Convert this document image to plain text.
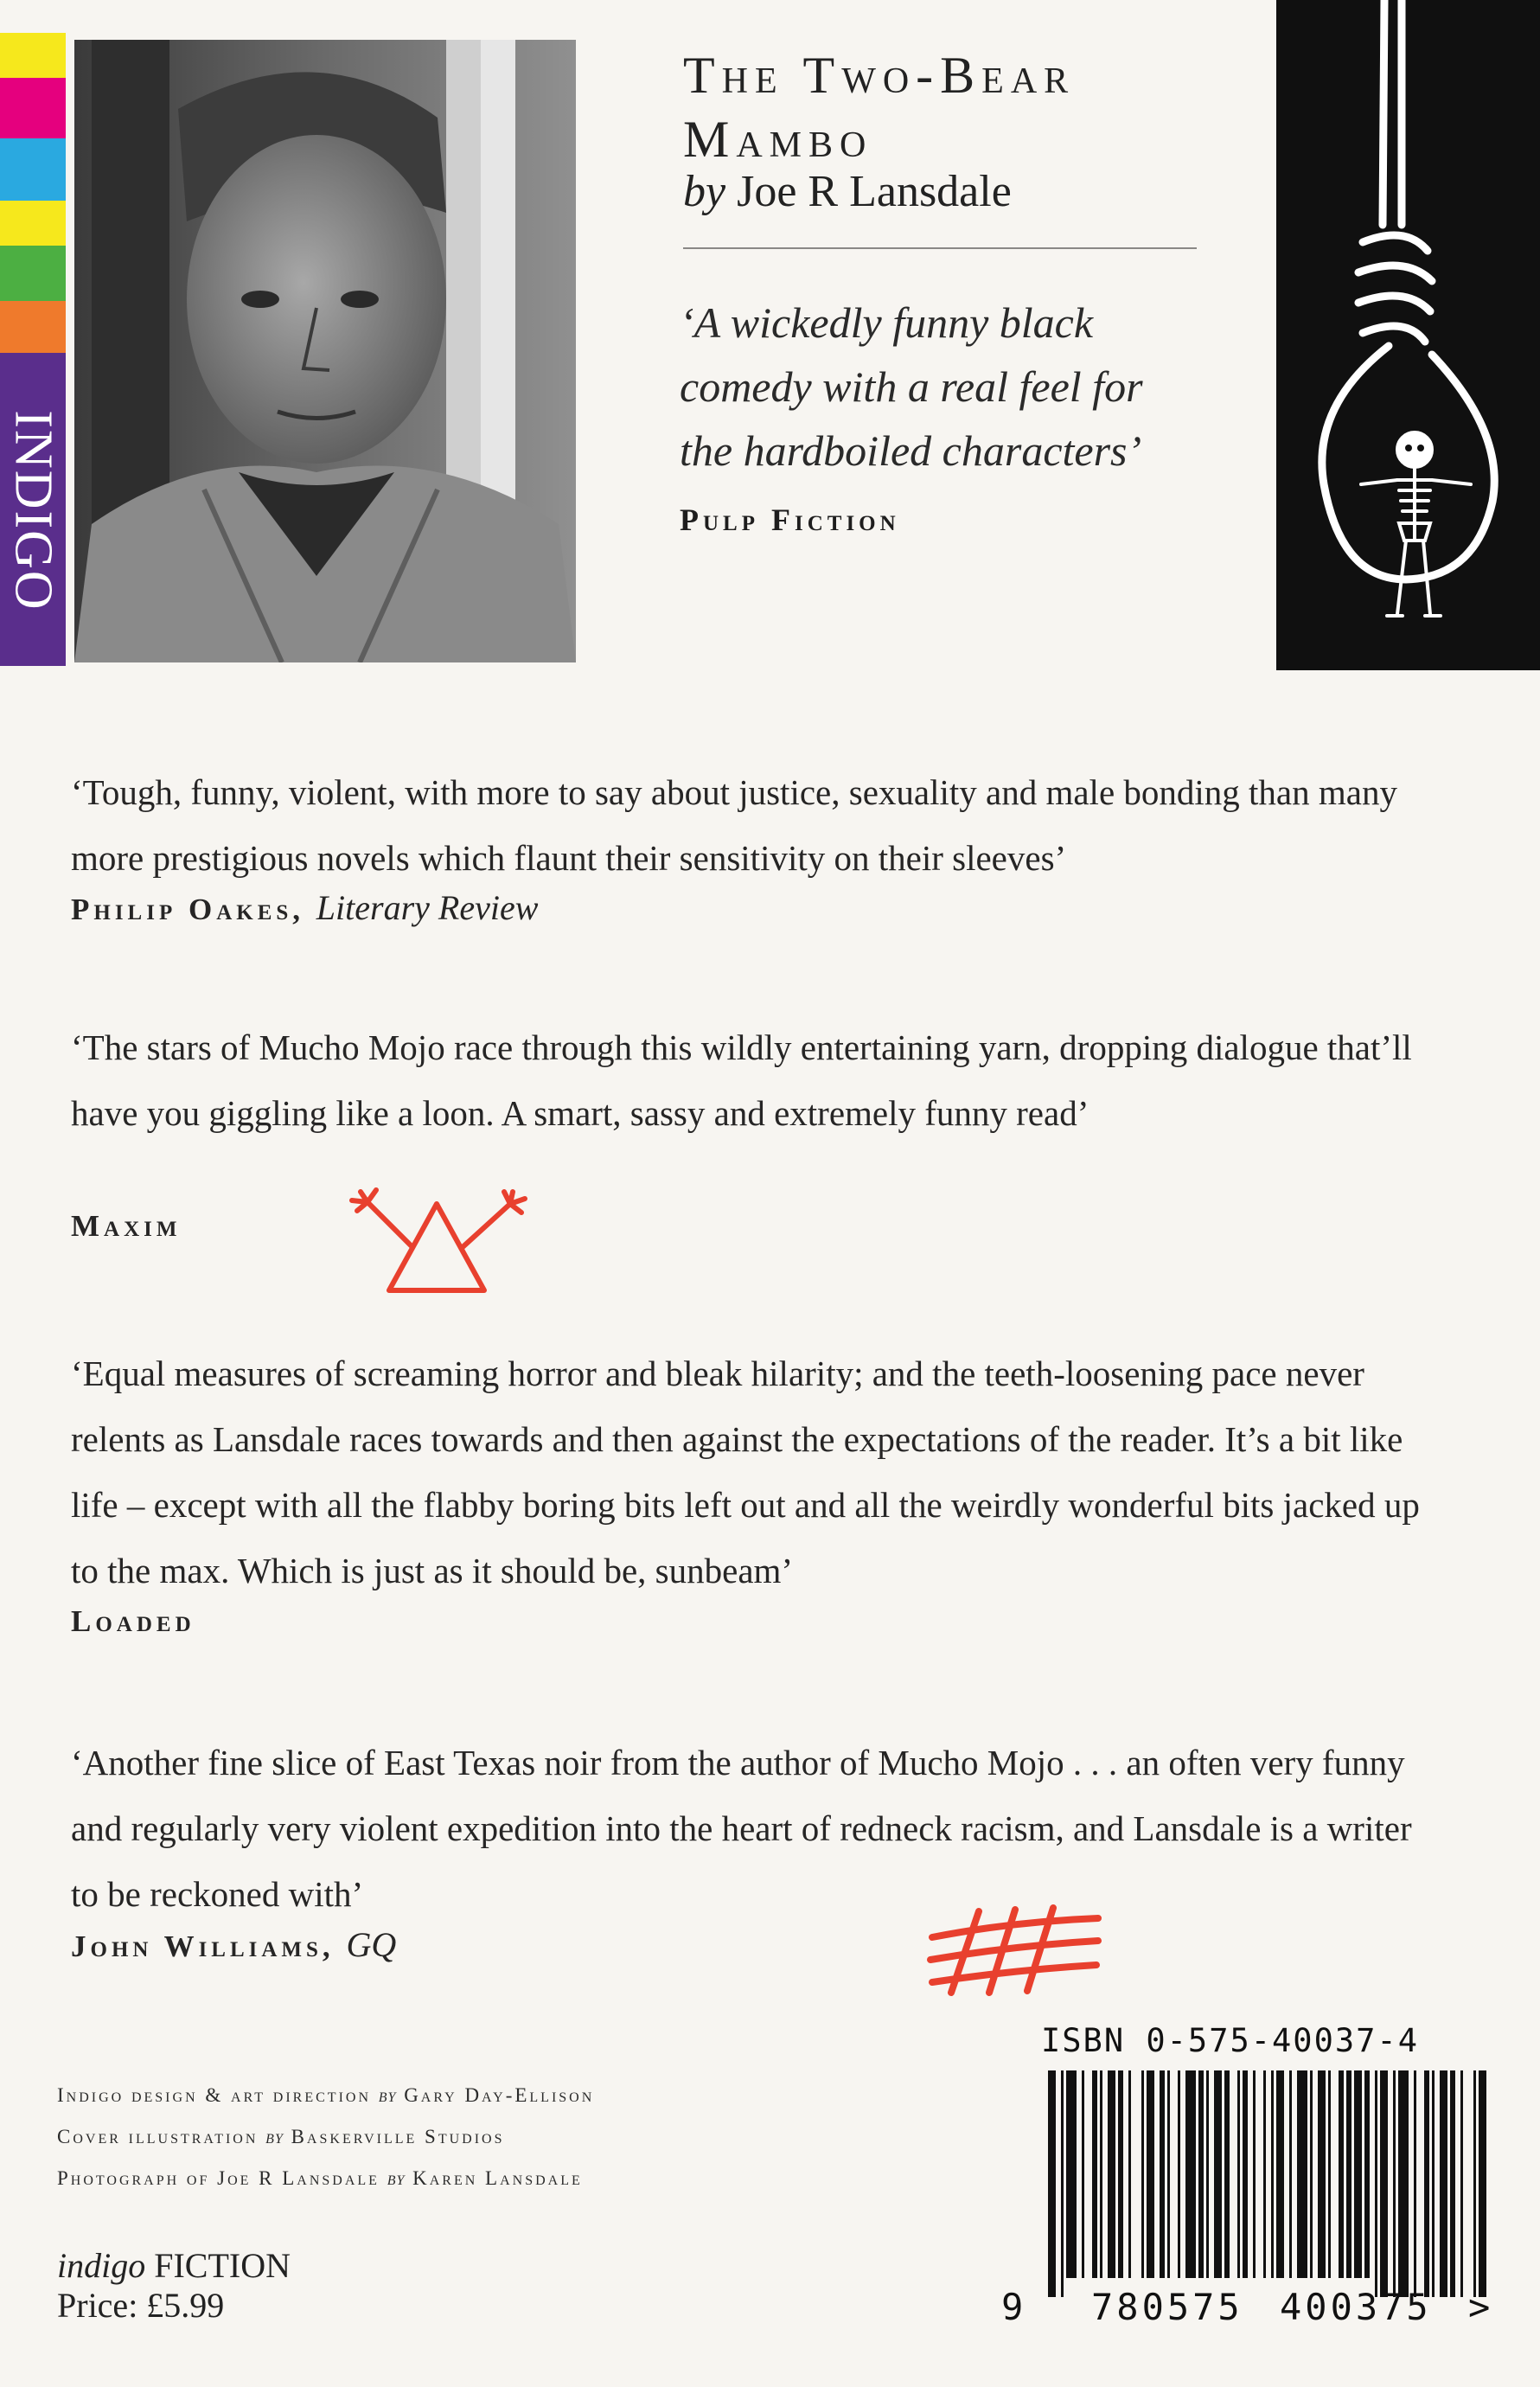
INDIGO
The Two-Bear
Mambo
by Joe R Lansdale
‘A wickedly funny black comedy with a real feel for the hardboiled characters’
Pulp Fiction

‘Tough, funny, violent, with more to say about justice, sexuality and male bonding than many more prestigious novels which flaunt their sensitivity on their sleeves’

Philip Oakes, Literary Review

‘The stars of Mucho Mojo race through this wildly entertaining yarn, dropping dialogue that’ll have you giggling like a loon. A smart, sassy and extremely funny read’

Maxim

‘Equal measures of screaming horror and bleak hilarity; and the teeth-loosening pace never relents as Lansdale races towards and then against the expectations of the reader. It’s a bit like life – except with all the flabby boring bits left out and all the weirdly wonderful bits jacked up to the max. Which is just as it should be, sunbeam’

Loaded

‘Another fine slice of East Texas noir from the author of Mucho Mojo . . . an often very funny and regularly very violent expedition into the heart of redneck racism, and Lansdale is a writer to be reckoned with’

John Williams, GQ
Indigo design & art direction by Gary Day-Ellison
Cover illustration by Baskerville Studios
Photograph of Joe R Lansdale by Karen Lansdale
indigo FICTION
Price: £5.99
ISBN 0-575-40037-4
9 780575 400375 >
